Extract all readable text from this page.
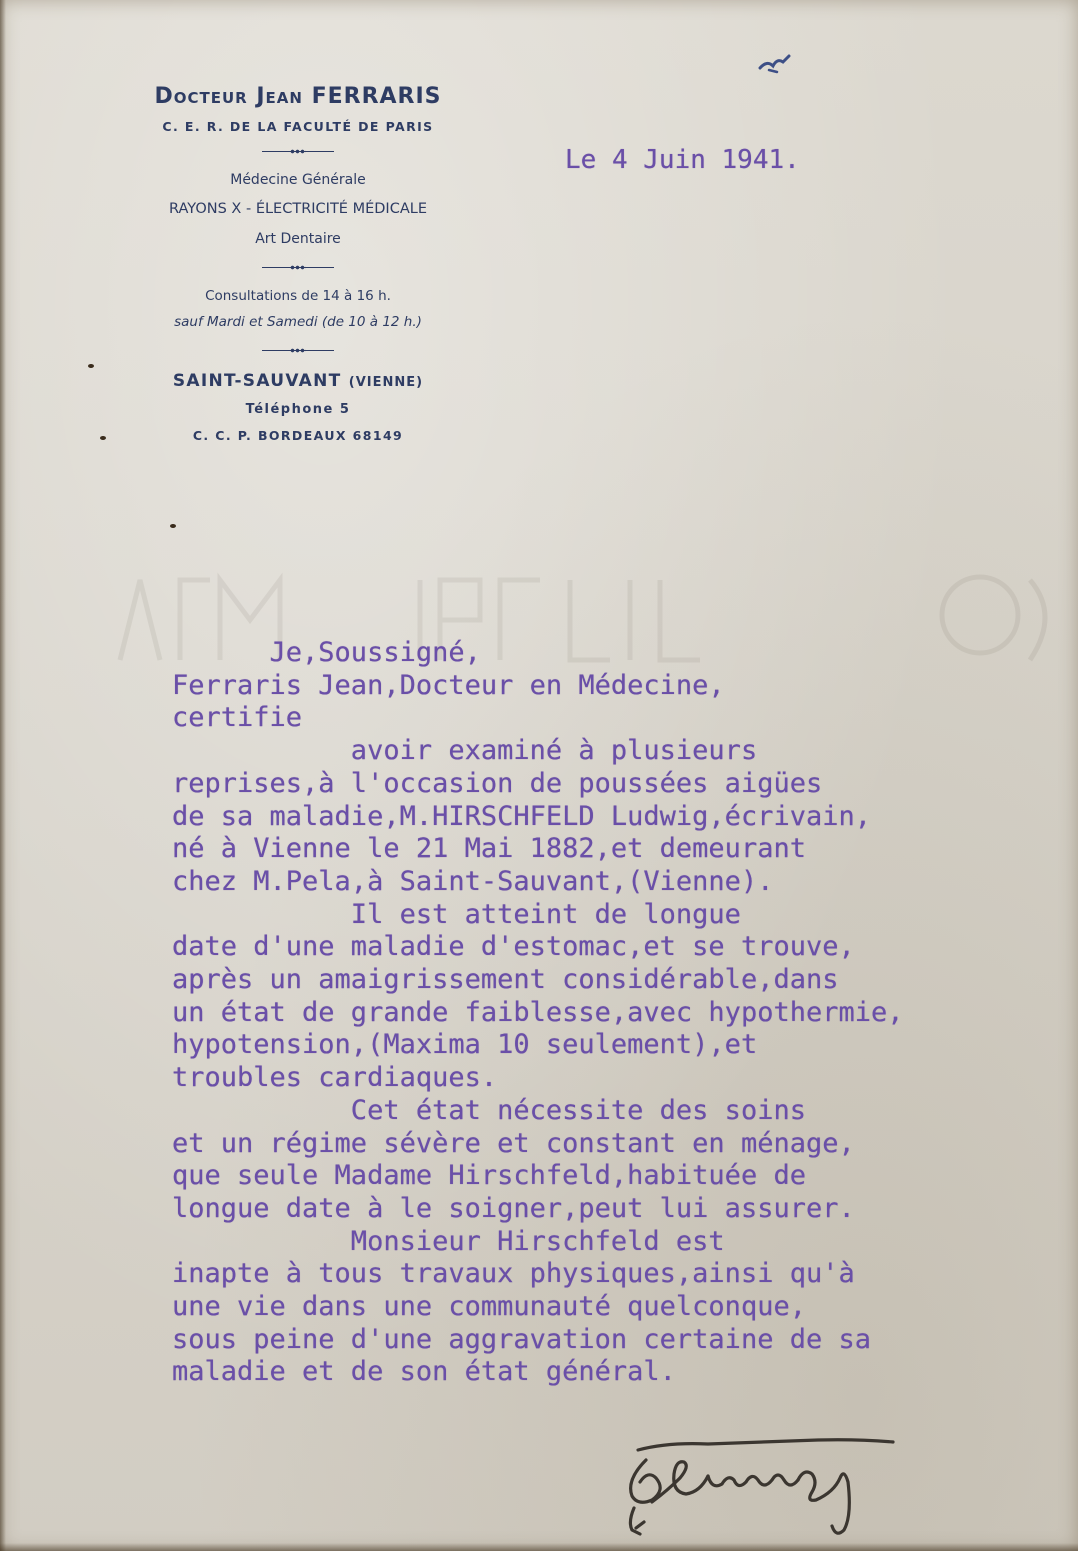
Docteur Jean FERRARIS
C. E. R. DE LA FACULTÉ DE PARIS
Médecine Générale
RAYONS X - ÉLECTRICITÉ MÉDICALE
Art Dentaire
Consultations de 14 à 16 h.
sauf Mardi et Samedi (de 10 à 12 h.)
SAINT-SAUVANT (VIENNE)
Téléphone 5
C. C. P. BORDEAUX 68149
Le 4 Juin 1941.
Je,Soussigné,
Ferraris Jean,Docteur en Médecine,
certifie
avoir examiné à plusieurs
reprises,à l'occasion de poussées aigües
de sa maladie,M.HIRSCHFELD Ludwig,écrivain,
né à Vienne le 21 Mai 1882,et demeurant
chez M.Pela,à Saint-Sauvant,(Vienne).
Il est atteint de longue
date d'une maladie d'estomac,et se trouve,
après un amaigrissement considérable,dans
un état de grande faiblesse,avec hypothermie,
hypotension,(Maxima 10 seulement),et
troubles cardiaques.
Cet état nécessite des soins
et un régime sévère et constant en ménage,
que seule Madame Hirschfeld,habituée de
longue date à le soigner,peut lui assurer.
Monsieur Hirschfeld est
inapte à tous travaux physiques,ainsi qu'à
une vie dans une communauté quelconque,
sous peine d'une aggravation certaine de sa
maladie et de son état général.
